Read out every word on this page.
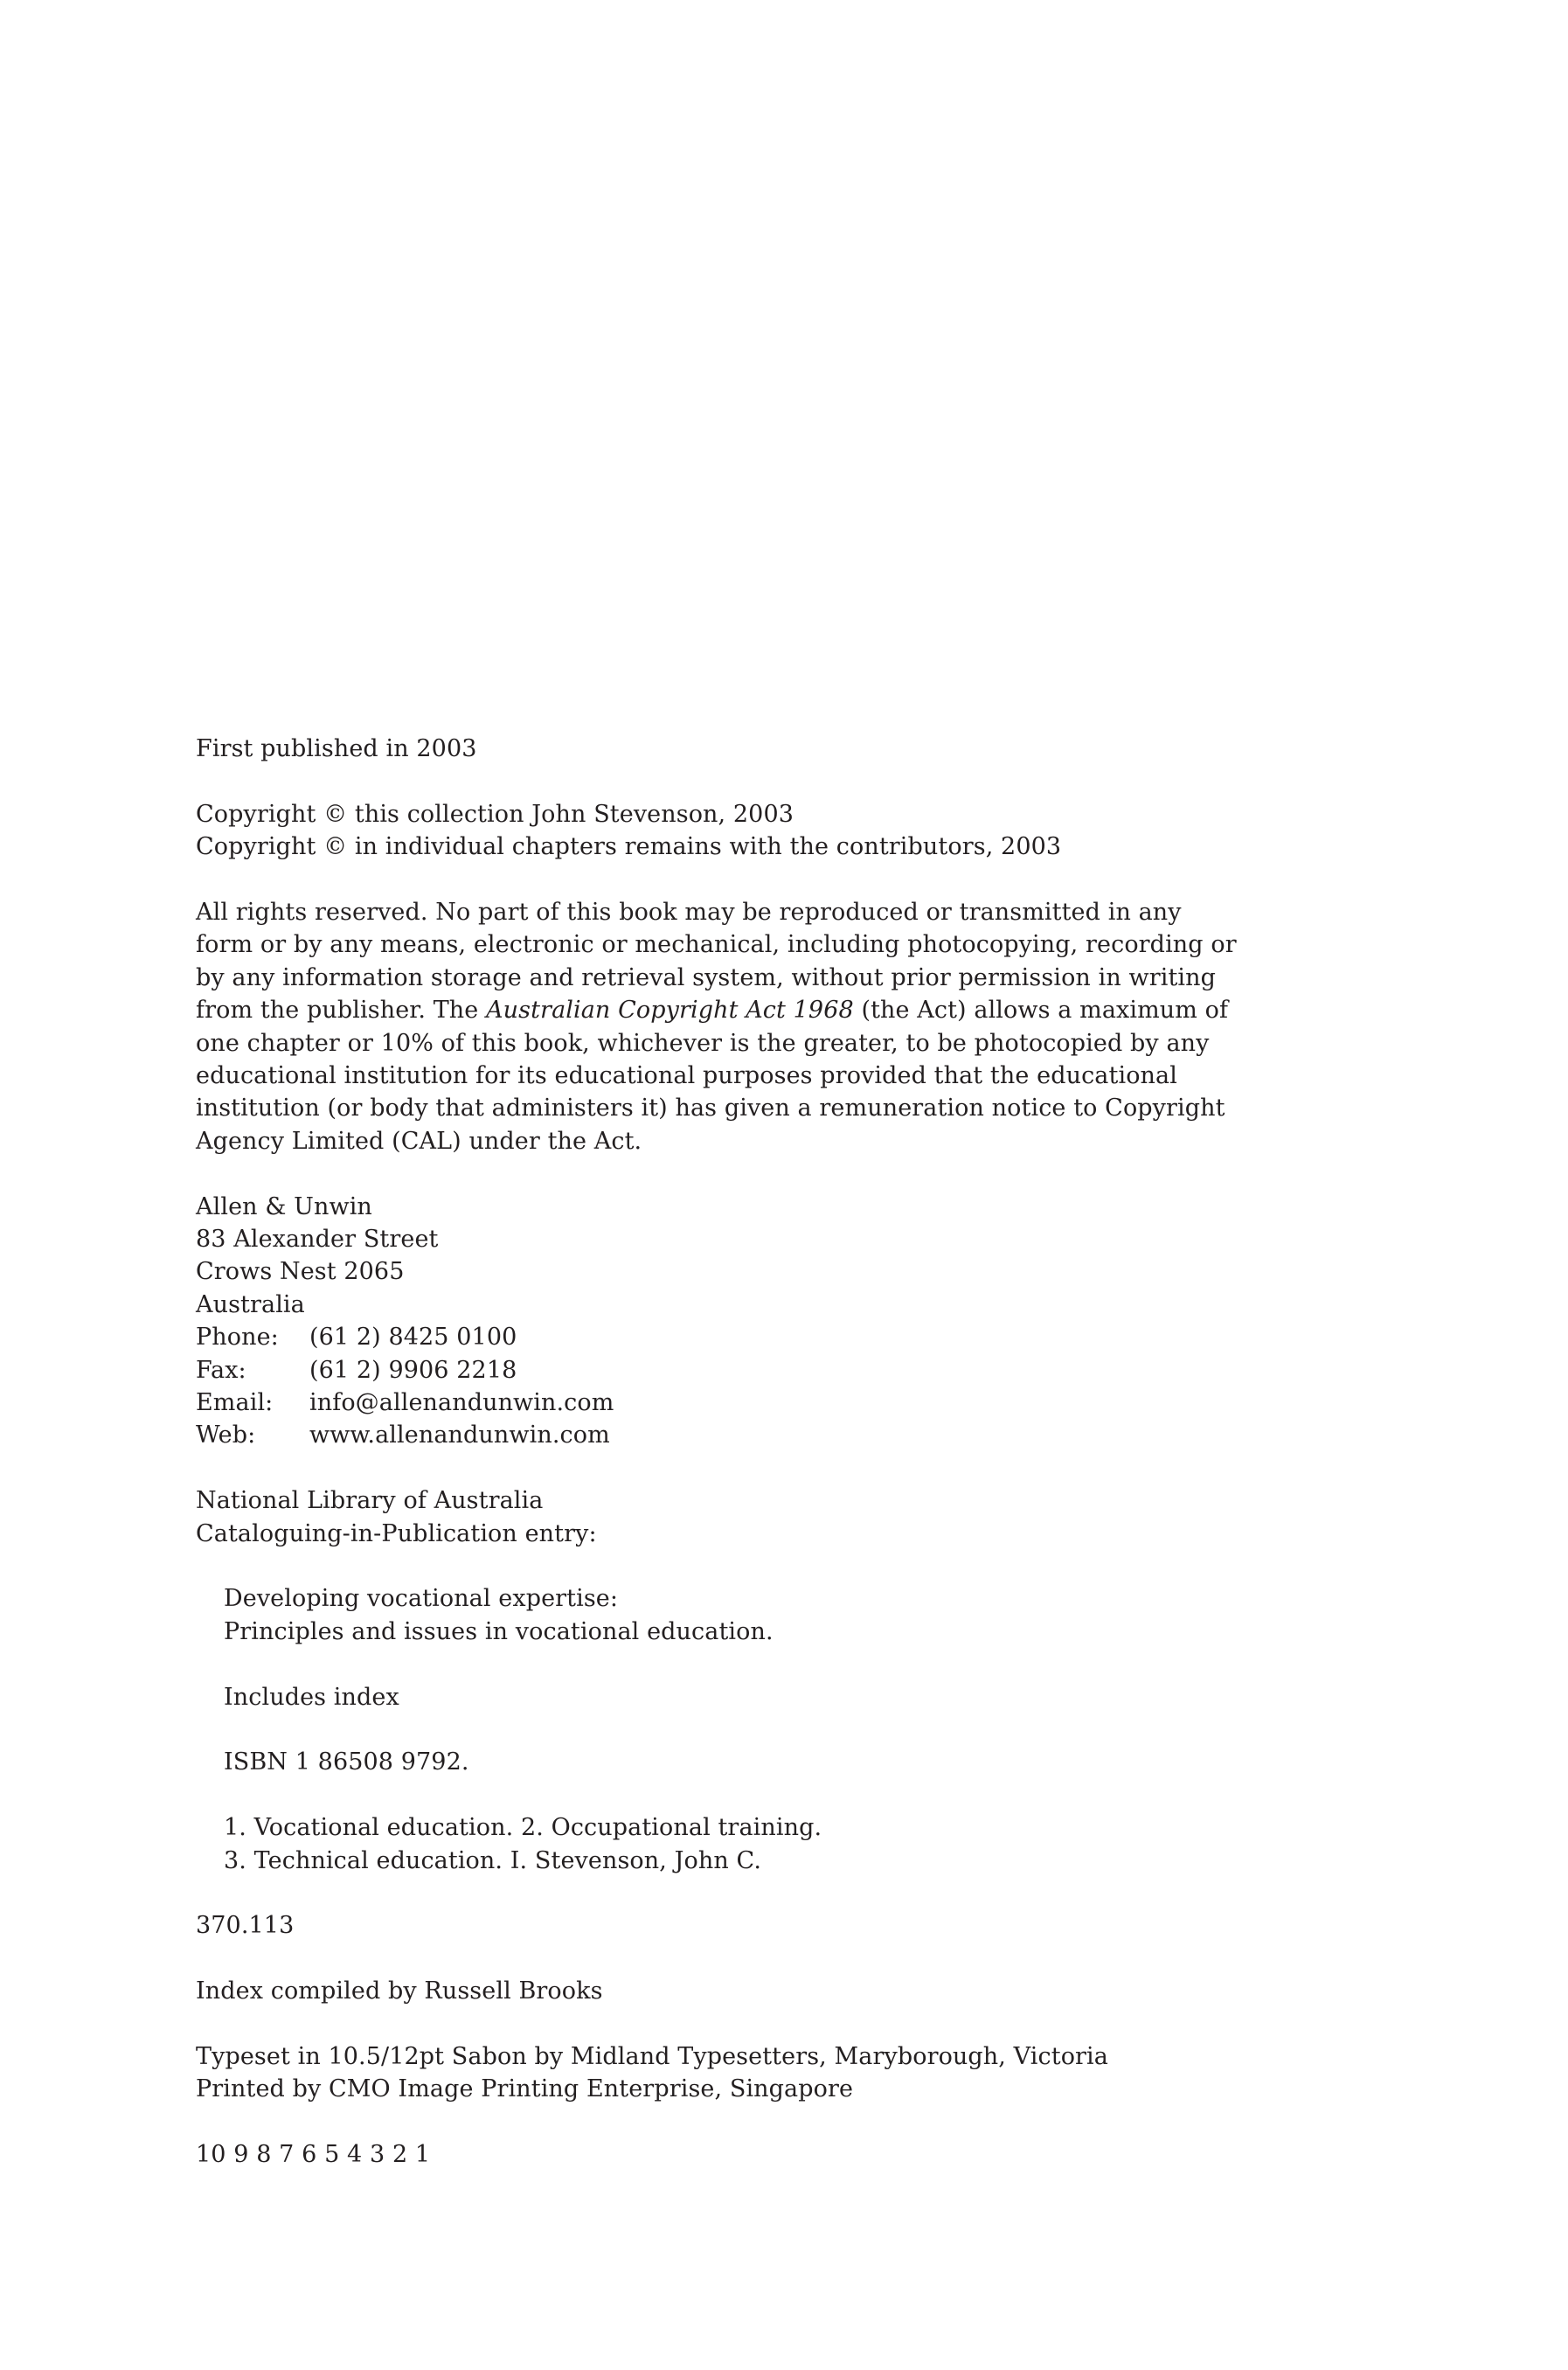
First published in 2003
Copyright © this collection John Stevenson, 2003
Copyright © in individual chapters remains with the contributors, 2003
All rights reserved. No part of this book may be reproduced or transmitted in any
form or by any means, electronic or mechanical, including photocopying, recording or
by any information storage and retrieval system, without prior permission in writing
from the publisher. The Australian Copyright Act 1968 (the Act) allows a maximum of
one chapter or 10% of this book, whichever is the greater, to be photocopied by any
educational institution for its educational purposes provided that the educational
institution (or body that administers it) has given a remuneration notice to Copyright
Agency Limited (CAL) under the Act.
Allen & Unwin
83 Alexander Street
Crows Nest 2065
Australia
Phone:	(61 2) 8425 0100
Fax:	(61 2) 9906 2218
Email:	info@allenandunwin.com
Web:	www.allenandunwin.com
National Library of Australia
Cataloguing-in-Publication entry:
Developing vocational expertise:
Principles and issues in vocational education.
Includes index
ISBN 1 86508 9792.
1. Vocational education. 2. Occupational training.
3. Technical education. I. Stevenson, John C.
370.113
Index compiled by Russell Brooks
Typeset in 10.5/12pt Sabon by Midland Typesetters, Maryborough, Victoria
Printed by CMO Image Printing Enterprise, Singapore
10 9 8 7 6 5 4 3 2 1
